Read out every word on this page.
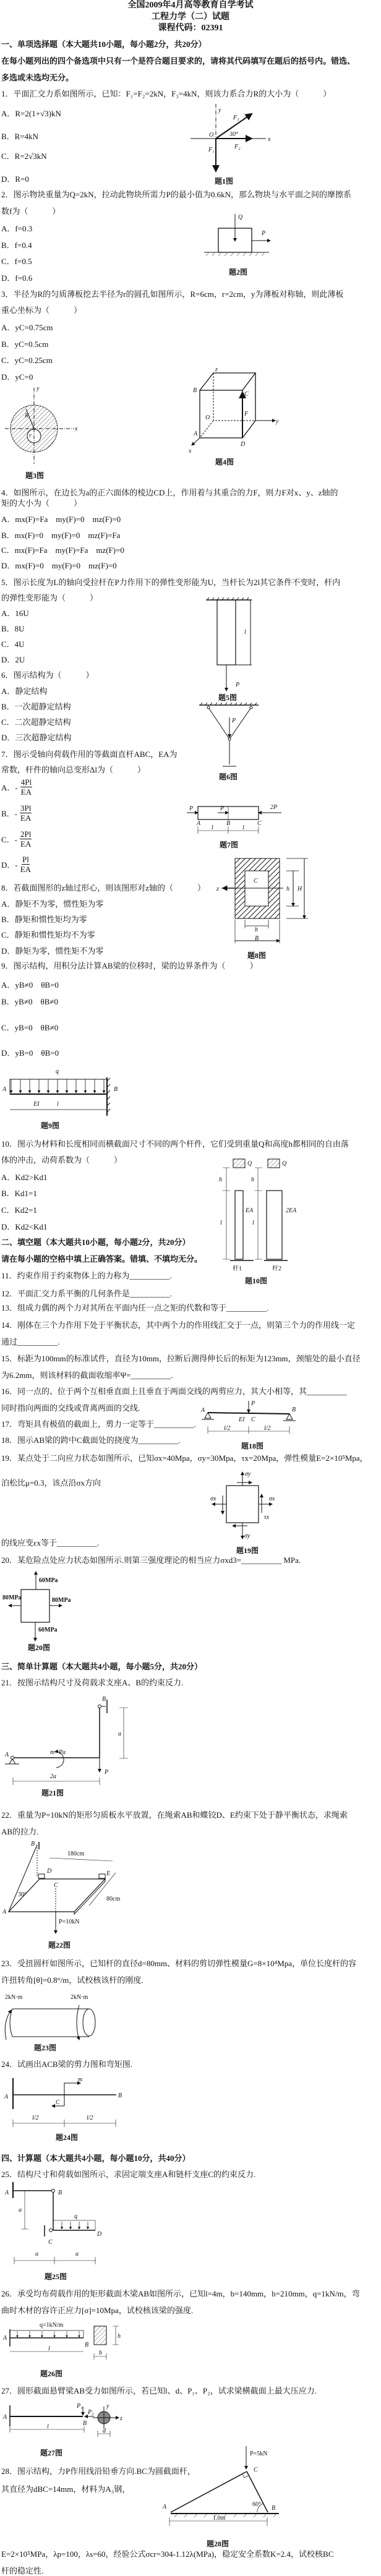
y
F₃
O	30°
x
F₂
F₁
Q
P
y
x
R
r
B
C
O
F
y
A
D
x
z
l
P
P
P	P	2P
A	B	C
l	l
z
C
h H
b
B
q
A	B
EI	l
Q	Q
h	h
l	l
EA	2EA
杆1	杆2
P
A	B
EI C
l/2	l/2
σy
σx	σx
τx
σy
60MPa
80MPa	80MPa
60MPa
B
a
m=Pa
A
P
2a
B
180cm
D	E
C
30°
80cm
A
P=10kN
2kN·m	2kN·m
m
A	B
C
l/2	l/2
A	B
a
q
C
D
a	a
q=1kN/m
A
B
l
h
b
P₁
P₂
A
B
l
y
z
d
P=5kN
C
A	60°
B
1.0m
全国2009年4月高等教育自学考试
工程力学（二）试题
课程代码：02391
一、单项选择题（本大题共10小题，每小题2分，共20分）
在每小题列出的四个备选项中只有一个是符合题目要求的，请将其代码填写在题后的括号内。错选、
多选或未选均无分。
1．平面汇交力系如图所示，已知：F₁=F₂=2kN，F₃=4kN，则该力系合力R的大小为（　　　）
A．R=2(1+√3)kN
B．R=4kN
C．R=2√3kN
D．R=0
2．图示物块重量为Q=2kN，拉动此物块所需力P的最小值为0.6kN，那么物块与水平面之间的摩擦系
数f为（　　　）
A．f=0.3
B．f=0.4
C．f=0.5
D．f=0.6
3．半径为R的匀质薄板挖去半径为r的圆孔如图所示，R=6cm，r=2cm，y为薄板对称轴，则此薄板
重心坐标为（　　　）
A．yC=0.75cm
B．yC=0.5cm
C．yC=0.25cm
D．yC=0
4．如图所示，在边长为a的正六面体的棱边CD上，作用着与其重合的力F，则力F对x、y、z轴的
矩的大小为（　　　）
A．mx(F)=Fa　my(F)=0　mz(F)=0
B．mx(F)=0　my(F)=0　mz(F)=Fa
C．mx(F)=Fa　my(F)=Fa　mz(F)=0
D．mx(F)=0　my(F)=0　mz(F)=0
5．图示长度为L的轴向受拉杆在P力作用下的弹性变形能为U，当杆长为2l其它条件不变时，杆内
的弹性变形能为（　　　）
A．16U
B．8U
C．4U
D．2U
6．图示结构为（　　　）
A．静定结构
B．一次超静定结构
C．二次超静定结构
D．三次超静定结构
7．图示受轴向荷载作用的等截面直杆ABC，EA为
常数，杆件的轴向总变形Δl为（　　　）
A．- $\frac{4Pl}{EA}$
B．- $\frac{3Pl}{EA}$
C．- $\frac{2Pl}{EA}$
D．- $\frac{Pl}{EA}$
8．若截面图形的z轴过形心，则该图形对z轴的（　　　）
A．静矩不为零，惯性矩为零
B．静矩和惯性矩均为零
C．静矩和惯性矩均不为零
D．静矩为零，惯性矩不为零
9．图示结构，用积分法计算AB梁的位移时，梁的边界条件为（　　　）
A．yB≠0　θB=0
B．yB≠0　θB≠0
C．yB=0　θB≠0
D．yB=0　θB=0
10．图示为材料和长度相同而横截面尺寸不同的两个杆件，它们受到重量Q和高度h都相同的自由落
体的冲击，动荷系数为（　　　）
A．Kd2>Kd1
B．Kd1=1
C．Kd2=1
D．Kd2<Kd1
二、填空题（本大题共10小题，每小题2分，共20分）
请在每小题的空格中填上正确答案。错填、不填均无分。
11．约束作用于约束物体上的力称为__________.
12．平面汇交力系平衡的几何条件是__________.
13．组成力偶的两个力对其所在平面内任一点之矩的代数和等于__________.
14．刚体在三个力作用下处于平衡状态，其中两个力的作用线汇交于一点，则第三个力的作用线一定
通过__________.
15．标距为100mm的标准试件，直径为10mm，拉断后测得伸长后的标矩为123mm，颈缩处的最小直径
为6.2mm，则该材料的截面收缩率Ψ=__________.
16．同一点的、位于两个互相垂直面上且垂直于两面交线的两剪应力，其大小相等，其__________
同时指向两面的交线或背离两面的交线.
17．弯矩具有极值的截面上，剪力一定等于__________.
18．图示AB梁的跨中C截面处的挠度为__________.
19．某点处于二向应力状态如图所示，已知σx=40Mpa，σy=30Mpa，τx=20Mpa，弹性模量E=2×10⁵Mpa，
泊松比μ=0.3，该点沿σx方向
的线应变εx等于__________.
20．某危险点处应力状态如图所示.则第三强度理论的相当应力σxd3=__________ MPa.
三、简单计算题（本大题共4小题，每小题5分，共20分）
21．按图示结构尺寸及荷载求支座A、B的约束反力.
22．重量为P=10kN的矩形匀质板水平放置，在绳索AB和蝶铰D、E约束下处于静平衡状态，求绳索
AB的拉力.
23．受扭圆杆如图所示，已知杆的直径d=80mm、材料的剪切弹性模量G=8×10⁴Mpa，单位长度杆的容
许扭转角[θ]=0.8°/m，试校核该杆的刚度.
24．试画出ACB梁的剪力图和弯矩图.
四、计算题（本大题共4小题，每小题10分，共40分）
25．结构尺寸和荷载如图所示，求固定端支座A和链杆支座C的约束反力.
26．承受均布荷载作用的矩形截面木梁AB如图所示，已知l=4m，b=140mm，h=210mm，q=1kN/m，弯
曲时木材的容许正应力[σ]=10Mpa，试校核该梁的强度.
27．圆形截面悬臂梁AB受力如图所示，若已知l、d、P₁、P₂，试求梁横截面上最大压应力.
28．图示结构，力P作用线沿铅垂方向.BC为圆截面杆，
其直径为dBC=14mm，材料为A₃钢，
E=2×10⁵MPa，λp=100，λs=60，经验公式σcr=304-1.12λ(MPa)，稳定安全系数K=2.4，试校核BC
杆的稳定性.
题1图
题2图
题3图
题4图
题5图
题6图
题7图
题8图
题9图
题10图
题18图
题19图
题20图
题21图
题22图
题23图
题24图
题25图
题26图
题27图
题28图
